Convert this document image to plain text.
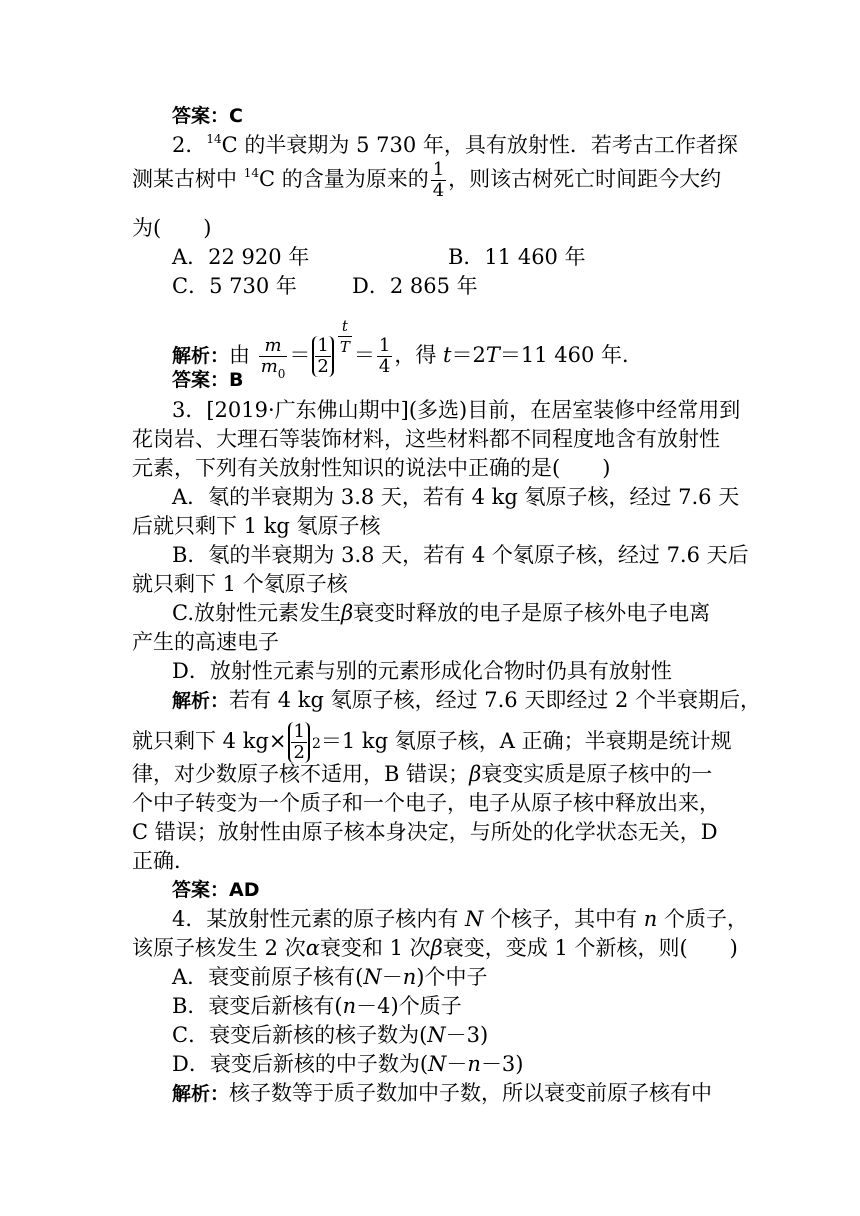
答案：C
2．$^{14}$C 的半衰期为 5 730 年，具有放射性．若考古工作者探
测某古树中 $^{14}$C 的含量为原来的 $\frac{1}{4}$ ，则该古树死亡时间距今大约
为(　　)
A．22 920 年	B．11 460 年
C．5 730 年	D．2 865 年
解析：由 $\frac{m}{m_0} = \frac{1}{2} \frac{t}{T} = \frac{1}{4}$ ，得 t＝2T＝11 460 年．
答案：B
3．[2019·广东佛山期中](多选)目前，在居室装修中经常用到
花岗岩、大理石等装饰材料，这些材料都不同程度地含有放射性
元素，下列有关放射性知识的说法中正确的是(　　)
A．氡的半衰期为 3.8 天，若有 4 kg 氡原子核，经过 7.6 天
后就只剩下 1 kg 氡原子核
B．氡的半衰期为 3.8 天，若有 4 个氡原子核，经过 7.6 天后
就只剩下 1 个氡原子核
C.放射性元素发生β衰变时释放的电子是原子核外电子电离
产生的高速电子
D．放射性元素与别的元素形成化合物时仍具有放射性
解析：若有 4 kg 氡原子核，经过 7.6 天即经过 2 个半衰期后，
就只剩下 4 $kg\times \frac{1}{2} 2=1$ kg 氡原子核，A 正确；半衰期是统计规
律，对少数原子核不适用，B 错误；β衰变实质是原子核中的一
个中子转变为一个质子和一个电子，电子从原子核中释放出来，
C 错误；放射性由原子核本身决定，与所处的化学状态无关，D
正确．
答案：AD
4．某放射性元素的原子核内有 N 个核子，其中有 n 个质子，
该原子核发生 2 次α衰变和 1 次β衰变，变成 1 个新核，则(　　)
A．衰变前原子核有(N－n)个中子
B．衰变后新核有(n－4)个质子
C．衰变后新核的核子数为(N－3)
D．衰变后新核的中子数为(N－n－3)
解析：核子数等于质子数加中子数，所以衰变前原子核有中
